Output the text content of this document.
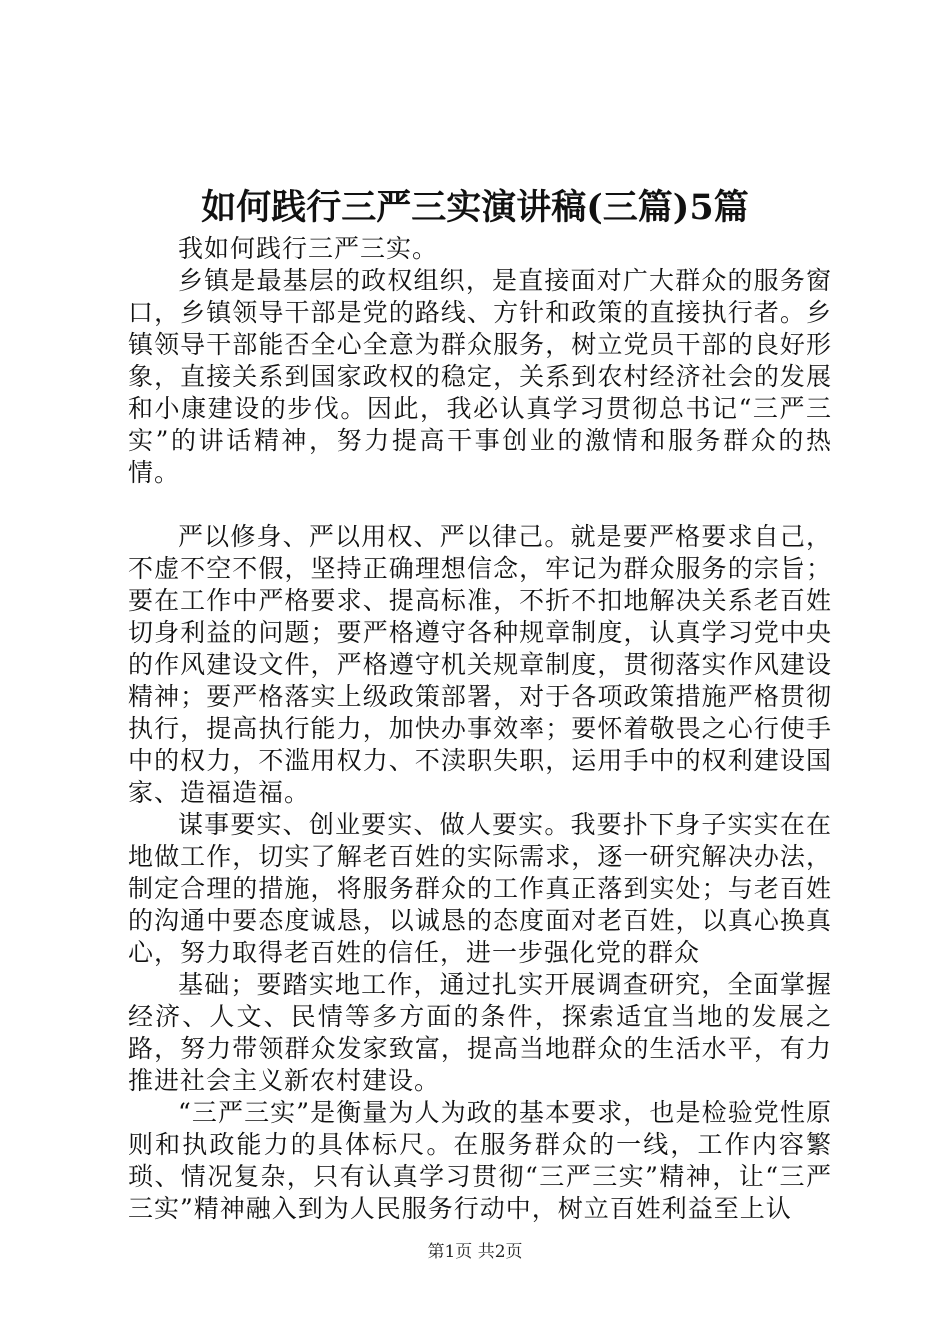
如何践行三严三实演讲稿(三篇)5篇

我如何践行三严三实。

乡镇是最基层的政权组织，是直接面对广大群众的服务窗口，乡镇领导干部是党的路线、方针和政策的直接执行者。乡镇领导干部能否全心全意为群众服务，树立党员干部的良好形象，直接关系到国家政权的稳定，关系到农村经济社会的发展和小康建设的步伐。因此，我必认真学习贯彻总书记“三严三实”的讲话精神，努力提高干事创业的激情和服务群众的热情。

严以修身、严以用权、严以律己。就是要严格要求自己，不虚不空不假，坚持正确理想信念，牢记为群众服务的宗旨；要在工作中严格要求、提高标准，不折不扣地解决关系老百姓切身利益的问题；要严格遵守各种规章制度，认真学习党中央的作风建设文件，严格遵守机关规章制度，贯彻落实作风建设精神；要严格落实上级政策部署，对于各项政策措施严格贯彻执行，提高执行能力，加快办事效率；要怀着敬畏之心行使手中的权力，不滥用权力、不渎职失职，运用手中的权利建设国家、造福造福。

谋事要实、创业要实、做人要实。我要扑下身子实实在在地做工作，切实了解老百姓的实际需求，逐一研究解决办法，制定合理的措施，将服务群众的工作真正落到实处；与老百姓的沟通中要态度诚恳，以诚恳的态度面对老百姓，以真心换真心，努力取得老百姓的信任，进一步强化党的群众

基础；要踏实地工作，通过扎实开展调查研究，全面掌握经济、人文、民情等多方面的条件，探索适宜当地的发展之路，努力带领群众发家致富，提高当地群众的生活水平，有力推进社会主义新农村建设。

“三严三实”是衡量为人为政的基本要求，也是检验党性原则和执政能力的具体标尺。在服务群众的一线，工作内容繁琐、情况复杂，只有认真学习贯彻“三严三实”精神，让“三严三实”精神融入到为人民服务行动中，树立百姓利益至上认

第1页 共2页
